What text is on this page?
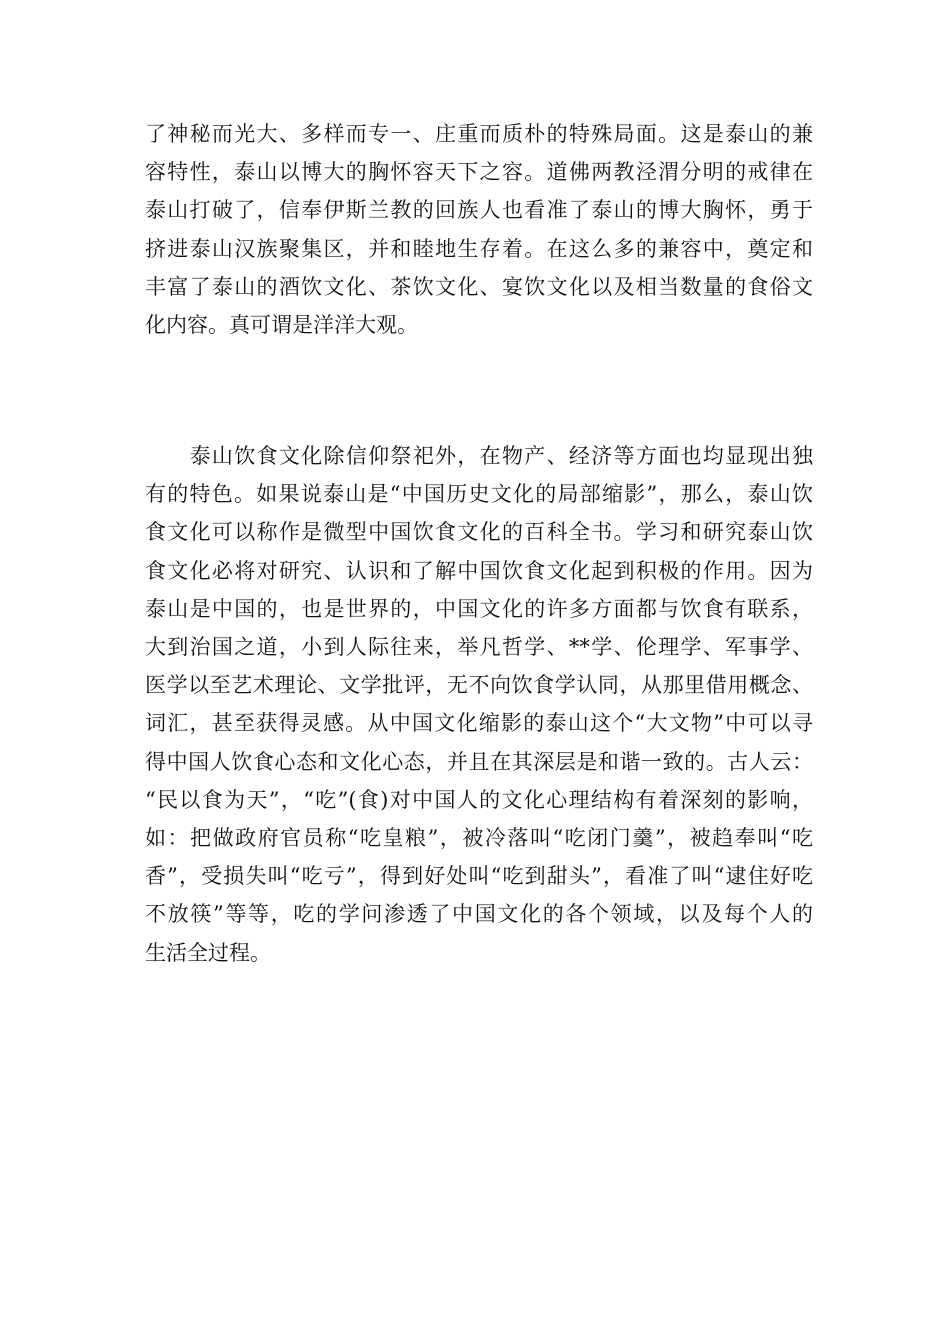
了神秘而光大、多样而专一、庄重而质朴的特殊局面。这是泰山的兼
容特性，泰山以博大的胸怀容天下之容。道佛两教泾渭分明的戒律在
泰山打破了，信奉伊斯兰教的回族人也看准了泰山的博大胸怀，勇于
挤进泰山汉族聚集区，并和睦地生存着。在这么多的兼容中，奠定和
丰富了泰山的酒饮文化、茶饮文化、宴饮文化以及相当数量的食俗文
化内容。真可谓是洋洋大观。
　　泰山饮食文化除信仰祭祀外，在物产、经济等方面也均显现出独
有的特色。如果说泰山是“中国历史文化的局部缩影”，那么，泰山饮
食文化可以称作是微型中国饮食文化的百科全书。学习和研究泰山饮
食文化必将对研究、认识和了解中国饮食文化起到积极的作用。因为
泰山是中国的，也是世界的，中国文化的许多方面都与饮食有联系，
大到治国之道，小到人际往来，举凡哲学、**学、伦理学、军事学、
医学以至艺术理论、文学批评，无不向饮食学认同，从那里借用概念、
词汇，甚至获得灵感。从中国文化缩影的泰山这个“大文物”中可以寻
得中国人饮食心态和文化心态，并且在其深层是和谐一致的。古人云：
“民以食为天”，“吃”(食)对中国人的文化心理结构有着深刻的影响，
如：把做政府官员称“吃皇粮”，被冷落叫“吃闭门羹”，被趋奉叫“吃
香”，受损失叫“吃亏”，得到好处叫“吃到甜头”，看准了叫“逮住好吃
不放筷”等等，吃的学问渗透了中国文化的各个领域，以及每个人的
生活全过程。
